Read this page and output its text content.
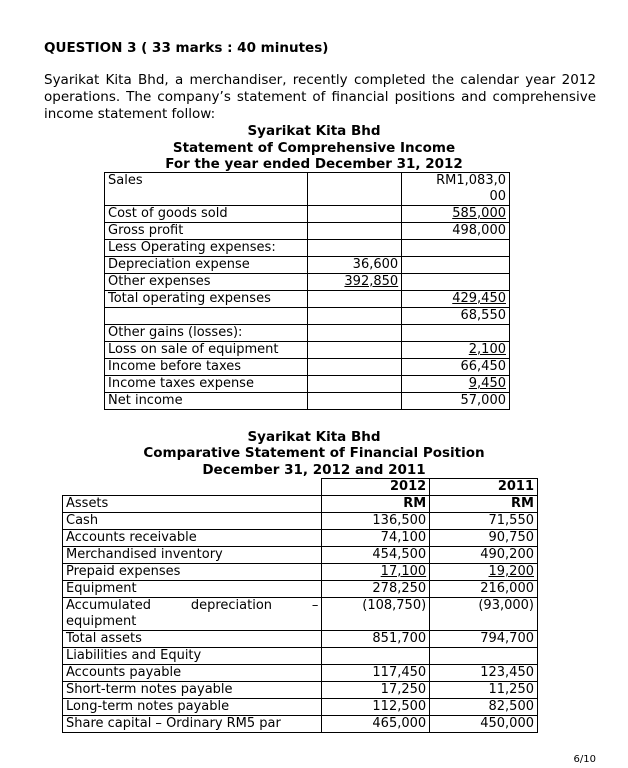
QUESTION 3 ( 33 marks : 40 minutes)
Syarikat Kita Bhd, a merchandiser, recently completed the calendar year 2012 operations. The company’s statement of financial positions and comprehensive income statement follow:
Syarikat Kita Bhd
Statement of Comprehensive Income
For the year ended December 31, 2012
Sales		RM1,083,0
00
Cost of goods sold		585,000
Gross profit		498,000
Less Operating expenses:		
Depreciation expense	36,600	
Other expenses	392,850	
Total operating expenses		429,450
		68,550
Other gains (losses):		
Loss on sale of equipment		2,100
Income before taxes		66,450
Income taxes expense		9,450
Net income		57,000
Syarikat Kita Bhd
Comparative Statement of Financial Position
December 31, 2012 and 2011
	2012	2011
Assets	RM	RM
Cash	136,500	71,550
Accounts receivable	74,100	90,750
Merchandised inventory	454,500	490,200
Prepaid expenses	17,100	19,200
Equipment	278,250	216,000
Accumulated depreciation – equipment	(108,750)	(93,000)
Total assets	851,700	794,700
Liabilities and Equity		
Accounts payable	117,450	123,450
Short-term notes payable	17,250	11,250
Long-term notes payable	112,500	82,500
Share capital – Ordinary RM5 par	465,000	450,000
6/10
